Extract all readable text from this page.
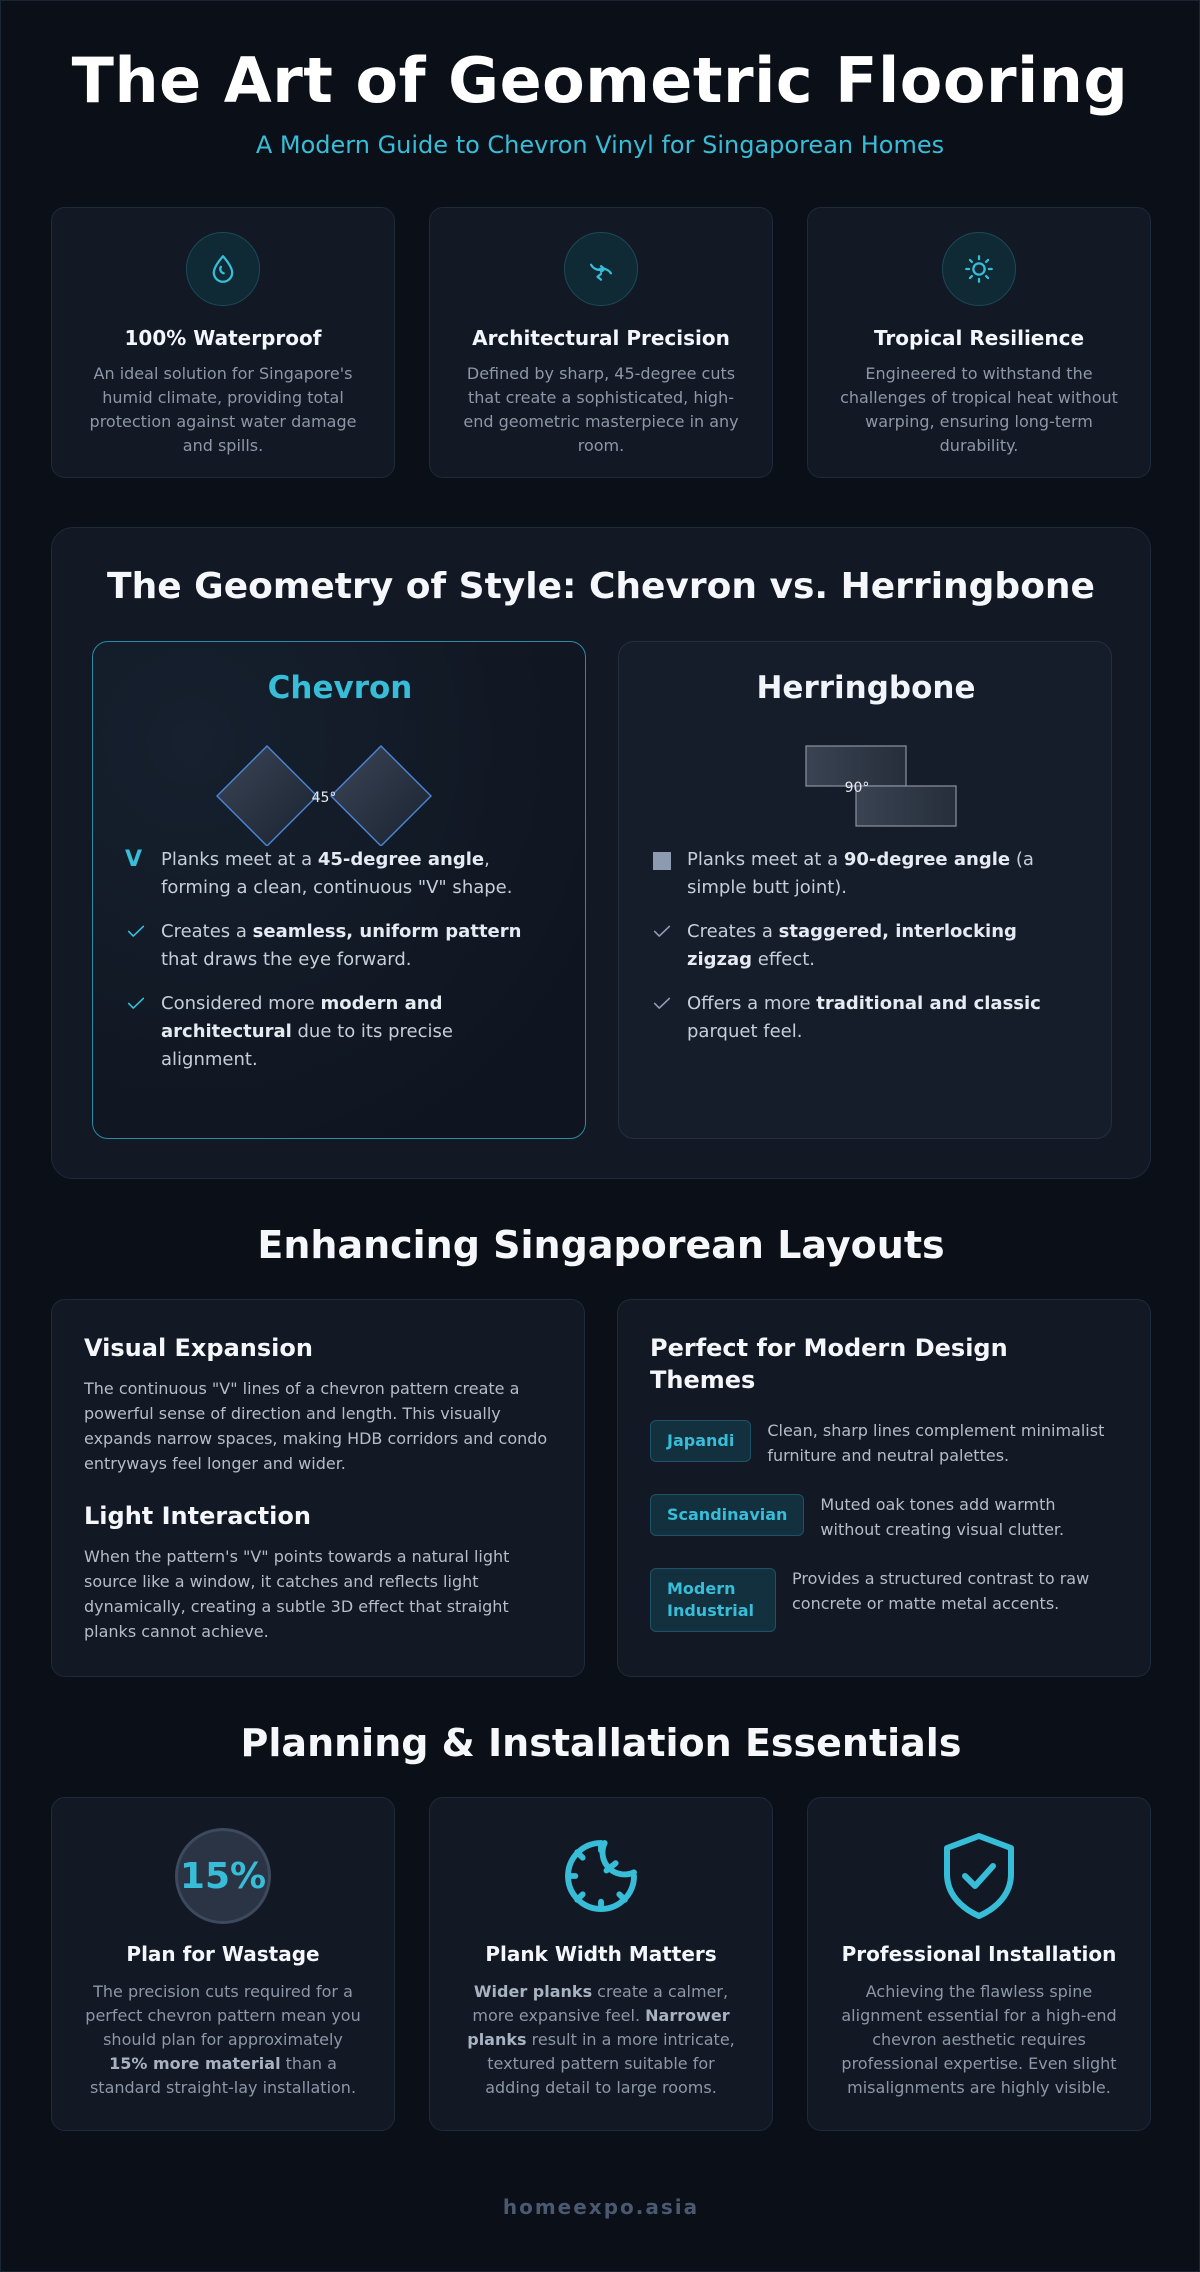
The Art of Geometric Flooring
A Modern Guide to Chevron Vinyl for Singaporean Homes
100% Waterproof

An ideal solution for Singapore's humid climate, providing total protection against water damage and spills.

Architectural Precision

Defined by sharp, 45-degree cuts that create a sophisticated, high-end geometric masterpiece in any room.

Tropical Resilience

Engineered to withstand the challenges of tropical heat without warping, ensuring long-term durability.

The Geometry of Style: Chevron vs. Herringbone
Chevron
45°
V Planks meet at a 45-degree angle, forming a clean, continuous "V" shape.
Creates a seamless, uniform pattern that draws the eye forward.
Considered more modern and architectural due to its precise alignment.
Herringbone
90°
Planks meet at a 90-degree angle (a simple butt joint).
Creates a staggered, interlocking zigzag effect.
Offers a more traditional and classic parquet feel.
Enhancing Singaporean Layouts
Visual Expansion

The continuous "V" lines of a chevron pattern create a powerful sense of direction and length. This visually expands narrow spaces, making HDB corridors and condo entryways feel longer and wider.

Light Interaction

When the pattern's "V" points towards a natural light source like a window, it catches and reflects light dynamically, creating a subtle 3D effect that straight planks cannot achieve.

Perfect for Modern Design Themes
Japandi
Clean, sharp lines complement minimalist furniture and neutral palettes.
Scandinavian
Muted oak tones add warmth without creating visual clutter.
Modern Industrial
Provides a structured contrast to raw concrete or matte metal accents.
Planning & Installation Essentials
15%
Plan for Wastage

The precision cuts required for a perfect chevron pattern mean you should plan for approximately 15% more material than a standard straight-lay installation.

Plank Width Matters

Wider planks create a calmer, more expansive feel. Narrower planks result in a more intricate, textured pattern suitable for adding detail to large rooms.

Professional Installation

Achieving the flawless spine alignment essential for a high-end chevron aesthetic requires professional expertise. Even slight misalignments are highly visible.

homeexpo.asia
